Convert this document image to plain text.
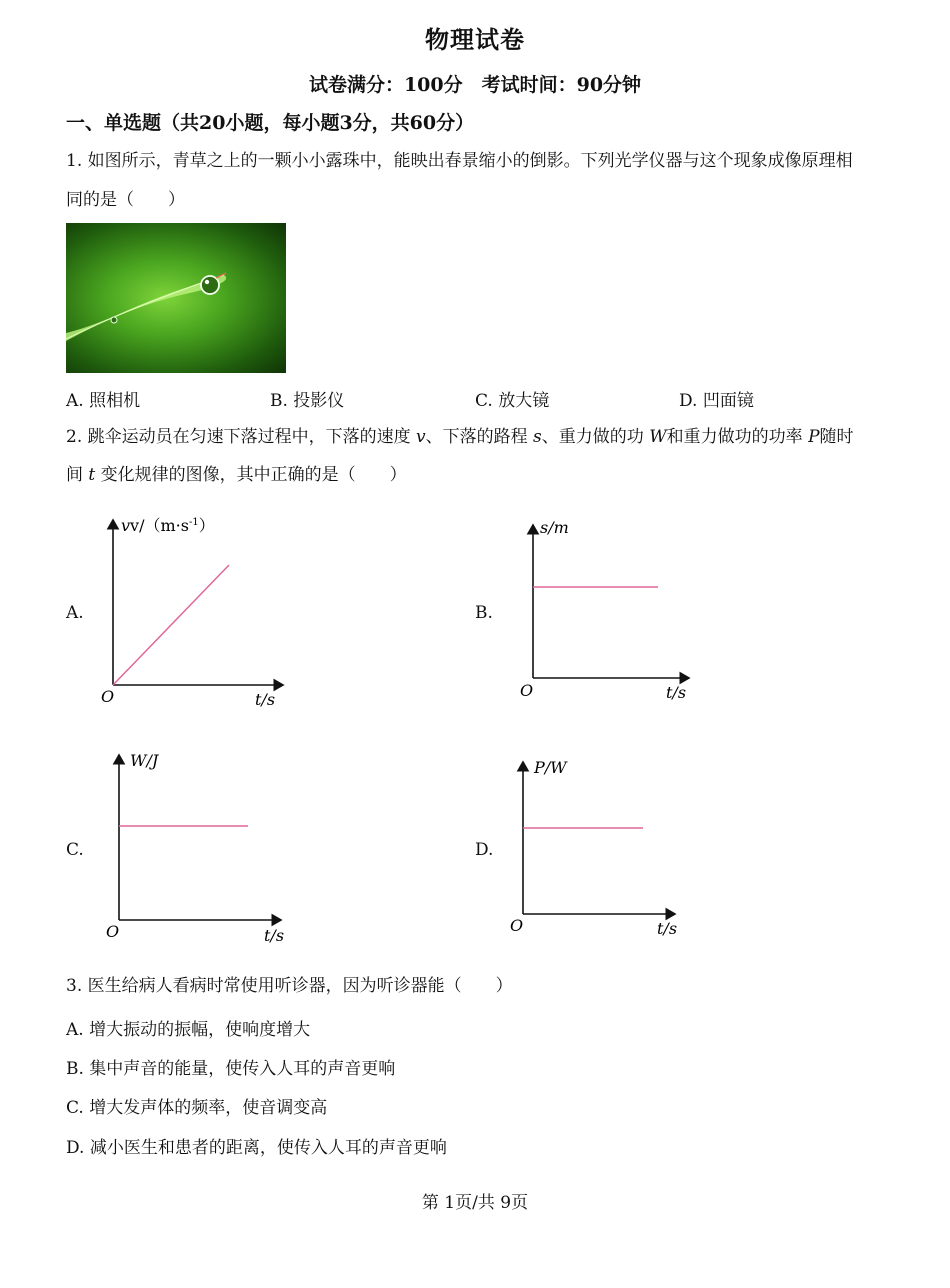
物理试卷
试卷满分：100分　考试时间：90分钟
一、单选题（共20小题，每小题3分，共60分）
1. 如图所示，青草之上的一颗小小露珠中，能映出春景缩小的倒影。下列光学仪器与这个现象成像原理相
同的是（　　）
A. 照相机	B. 投影仪	C. 放大镜	D. 凹面镜
2. 跳伞运动员在匀速下落过程中，下落的速度 v、下落的路程 s、重力做的功 W和重力做功的功率 P随时
间 t 变化规律的图像，其中正确的是（　　）
A.	B.
C.	D.
$vv/(m\cdot s^{-1})$
O	t/s
s/m
O	t/s
W/J
O	t/s
P/W
O	t/s
3. 医生给病人看病时常使用听诊器，因为听诊器能（　　）
A. 增大振动的振幅，使响度增大
B. 集中声音的能量，使传入人耳的声音更响
C. 增大发声体的频率，使音调变高
D. 减小医生和患者的距离，使传入人耳的声音更响
第 1页/共 9页
